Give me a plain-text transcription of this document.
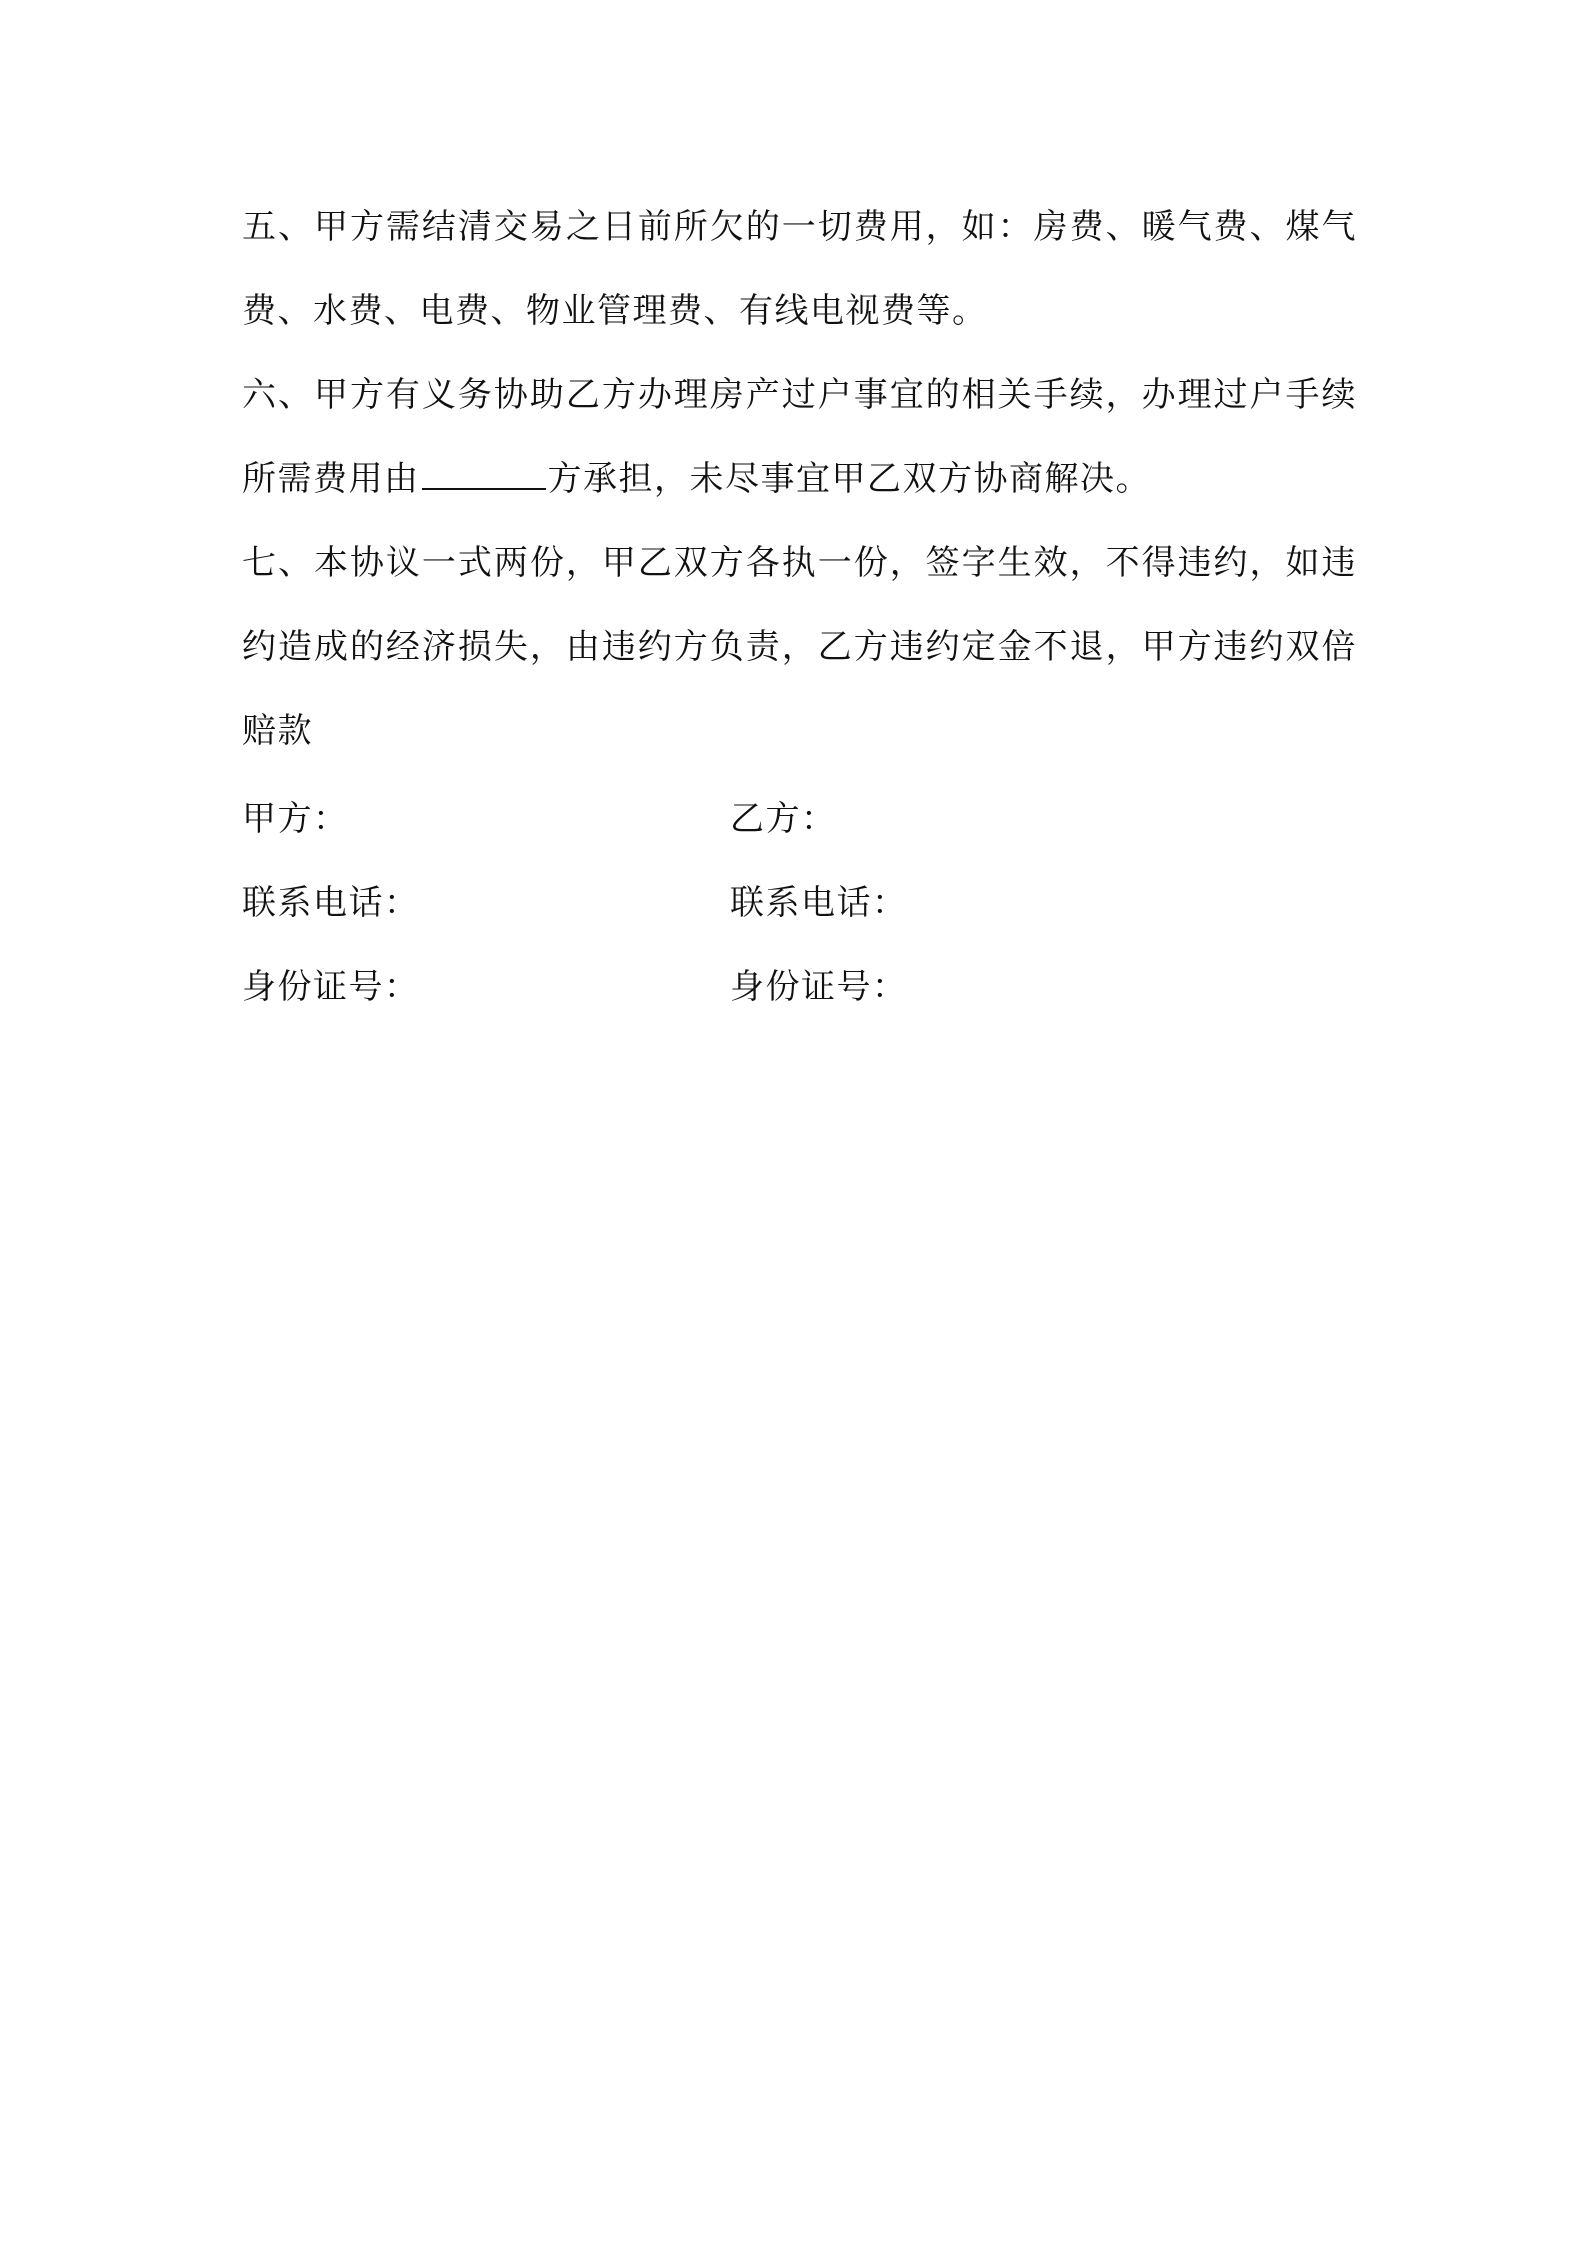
五、甲方需结清交易之日前所欠的一切费用，如：房费、暖气费、煤气费、水费、电费、物业管理费、有线电视费等。

六、甲方有义务协助乙方办理房产过户事宜的相关手续，办理过户手续所需费用由	方承担，未尽事宜甲乙双方协商解决。

七、本协议一式两份，甲乙双方各执一份，签字生效，不得违约，如违约造成的经济损失，由违约方负责，乙方违约定金不退，甲方违约双倍赔款

甲方：	乙方：
联系电话：	联系电话：
身份证号：	身份证号：
